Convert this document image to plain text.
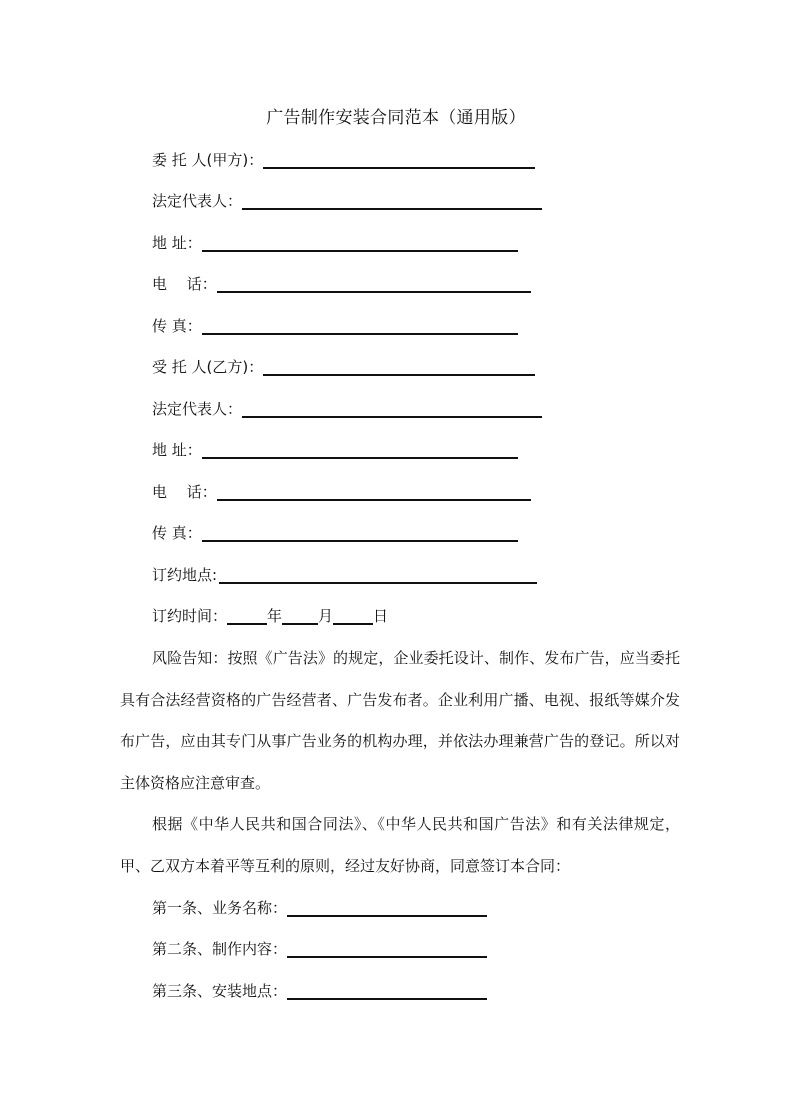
广告制作安装合同范本（通用版）
委 托 人(甲方)：
法定代表人：
地 址：
电　 话：
传 真：
受 托 人(乙方)：
法定代表人：
地 址：
电　 话：
传 真：
订约地点:
订约时间：	年 月	日
风险告知：按照《广告法》的规定，企业委托设计、制作、发布广告，应当委托具有合法经营资格的广告经营者、广告发布者。企业利用广播、电视、报纸等媒介发布广告，应由其专门从事广告业务的机构办理，并依法办理兼营广告的登记。所以对主体资格应注意审查。
根据《中华人民共和国合同法》、《中华人民共和国广告法》和有关法律规定，甲、乙双方本着平等互利的原则，经过友好协商，同意签订本合同：
第一条、业务名称：
第二条、制作内容：
第三条、安装地点：
